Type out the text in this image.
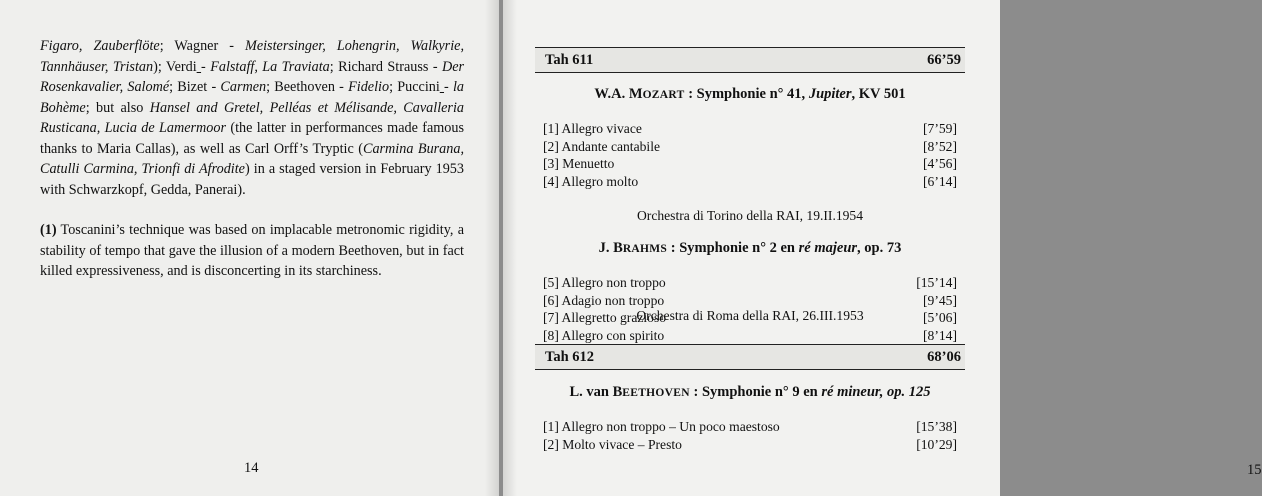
Figaro, Zauberflöte; Wagner - Meistersinger, Lohengrin, Walkyrie, Tannhäuser, Tristan); Verdi - Falstaff, La Traviata; Richard Strauss - Der Rosenkavalier, Salomé; Bizet - Carmen; Beethoven - Fidelio; Puccini - la Bohème; but also Hansel and Gretel, Pelléas et Mélisande, Cavalleria Rusticana, Lucia de Lamermoor (the latter in performances made famous thanks to Maria Callas), as well as Carl Orff’s Tryptic (Carmina Burana, Catulli Carmina, Trionfi di Afrodite) in a staged version in February 1953 with Schwarzkopf, Gedda, Panerai).

(1) Toscanini’s technique was based on implacable metronomic rigidity, a stability of tempo that gave the illusion of a modern Beethoven, but in fact killed expressiveness, and is disconcerting in its starchiness.

14
Tah 611	66’59
W.A. MOZART : Symphonie n° 41, Jupiter, KV 501
[1] Allegro vivace	[7’59]
[2] Andante cantabile	[8’52]
[3] Menuetto	[4’56]
[4] Allegro molto	[6’14]
Orchestra di Torino della RAI, 19.II.1954
J. BRAHMS : Symphonie n° 2 en ré majeur, op. 73
[5] Allegro non troppo	[15’14]
[6] Adagio non troppo	[9’45]
[7] Allegretto grazioso	[5’06]
[8] Allegro con spirito	[8’14]
Orchestra di Roma della RAI, 26.III.1953
Tah 612	68’06
L. van BEETHOVEN : Symphonie n° 9 en ré mineur, op. 125
[1] Allegro non troppo – Un poco maestoso	[15’38]
[2] Molto vivace – Presto	[10’29]
15
